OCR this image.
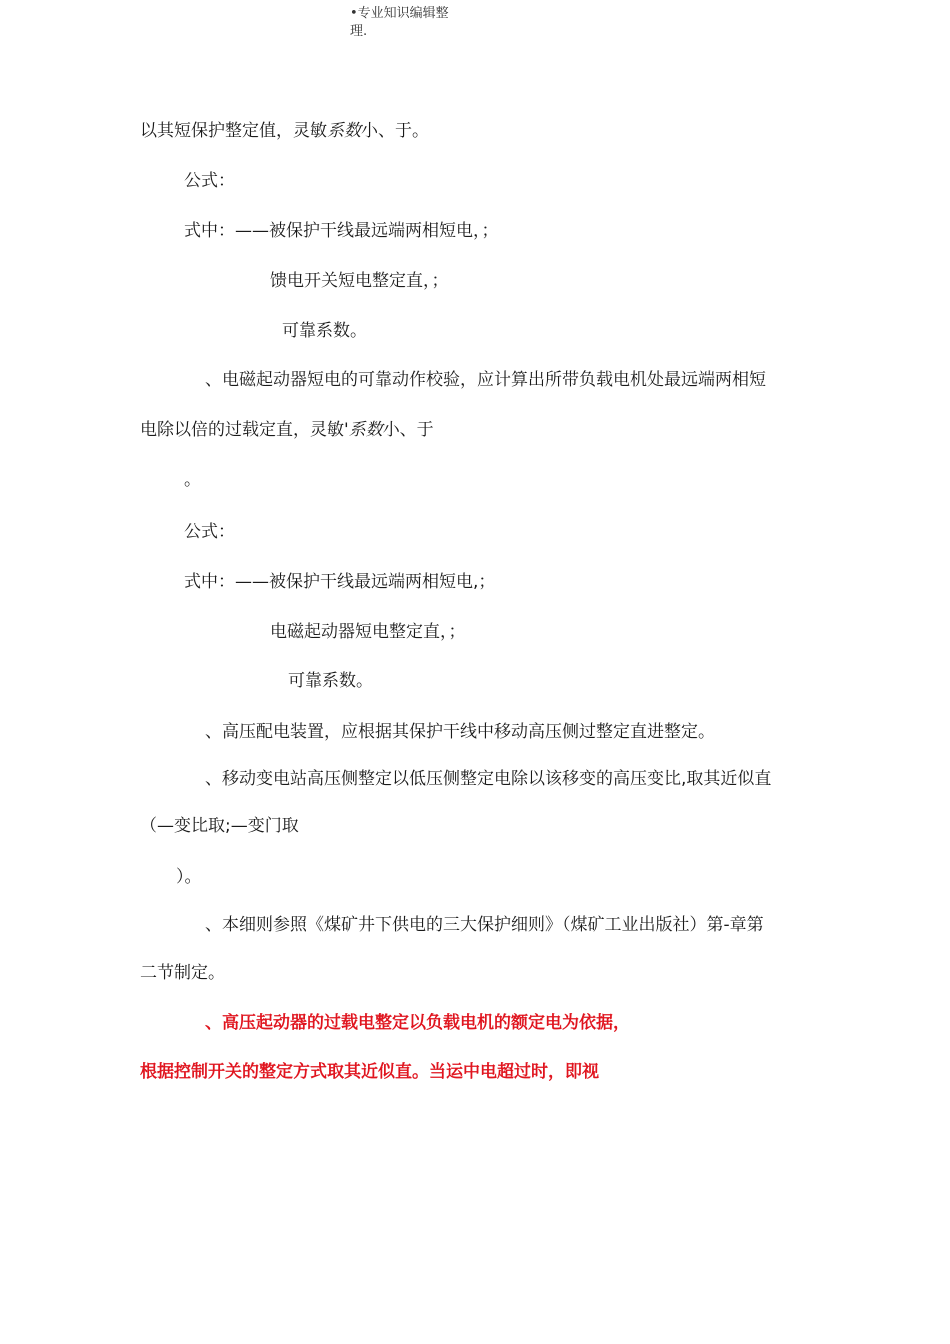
•专业知识编辑整
理.
以其短保护整定值，灵敏系数小、于。
公式：
式中：——被保护干线最远端两相短电，；
馈电开关短电整定直，；
可靠系数。
、电磁起动器短电的可靠动作校验，应计算出所带负载电机处最远端两相短
电除以倍的过载定直，灵敏'系数小、于
。
公式：
式中：——被保护干线最远端两相短电,；
电磁起动器短电整定直，；
可靠系数。
、高压配电装置，应根据其保护干线中移动高压侧过整定直进整定。
、移动变电站高压侧整定以低压侧整定电除以该移变的高压变比,取其近似直
（—变比取;—变门取
）。
、本细则参照《煤矿井下供电的三大保护细则》（煤矿工业出版社）第-章第
二节制定。
、高压起动器的过载电整定以负载电机的额定电为依据，
根据控制开关的整定方式取其近似直。当运中电超过时，即视
